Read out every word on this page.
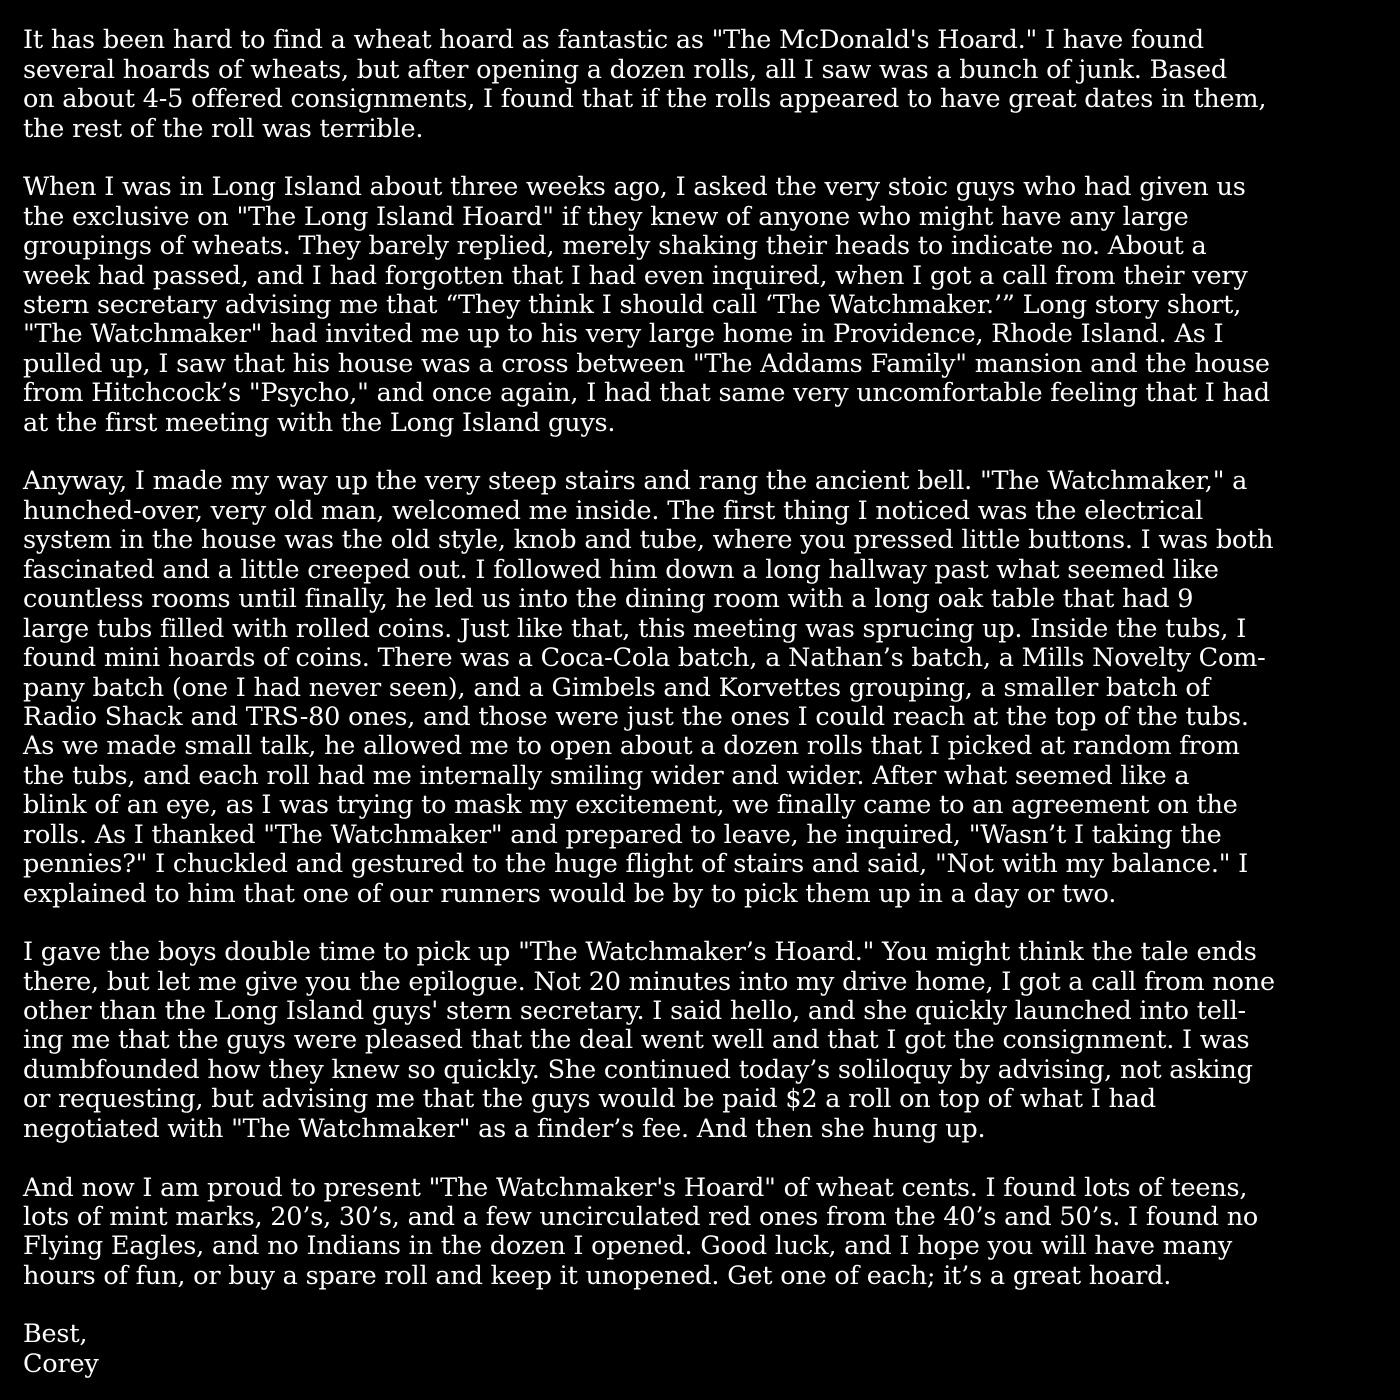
It has been hard to find a wheat hoard as fantastic as "The McDonald's Hoard." I have found
several hoards of wheats, but after opening a dozen rolls, all I saw was a bunch of junk. Based
on about 4-5 offered consignments, I found that if the rolls appeared to have great dates in them,
the rest of the roll was terrible.
When I was in Long Island about three weeks ago, I asked the very stoic guys who had given us
the exclusive on "The Long Island Hoard" if they knew of anyone who might have any large
groupings of wheats. They barely replied, merely shaking their heads to indicate no. About a
week had passed, and I had forgotten that I had even inquired, when I got a call from their very
stern secretary advising me that “They think I should call ‘The Watchmaker.’” Long story short,
"The Watchmaker" had invited me up to his very large home in Providence, Rhode Island. As I
pulled up, I saw that his house was a cross between "The Addams Family" mansion and the house
from Hitchcock’s "Psycho," and once again, I had that same very uncomfortable feeling that I had
at the first meeting with the Long Island guys.
Anyway, I made my way up the very steep stairs and rang the ancient bell. "The Watchmaker," a
hunched-over, very old man, welcomed me inside. The first thing I noticed was the electrical
system in the house was the old style, knob and tube, where you pressed little buttons. I was both
fascinated and a little creeped out. I followed him down a long hallway past what seemed like
countless rooms until finally, he led us into the dining room with a long oak table that had 9
large tubs filled with rolled coins. Just like that, this meeting was sprucing up. Inside the tubs, I
found mini hoards of coins. There was a Coca-Cola batch, a Nathan’s batch, a Mills Novelty Com-
pany batch (one I had never seen), and a Gimbels and Korvettes grouping, a smaller batch of
Radio Shack and TRS-80 ones, and those were just the ones I could reach at the top of the tubs.
As we made small talk, he allowed me to open about a dozen rolls that I picked at random from
the tubs, and each roll had me internally smiling wider and wider. After what seemed like a
blink of an eye, as I was trying to mask my excitement, we finally came to an agreement on the
rolls. As I thanked "The Watchmaker" and prepared to leave, he inquired, "Wasn’t I taking the
pennies?" I chuckled and gestured to the huge flight of stairs and said, "Not with my balance." I
explained to him that one of our runners would be by to pick them up in a day or two.
I gave the boys double time to pick up "The Watchmaker’s Hoard." You might think the tale ends
there, but let me give you the epilogue. Not 20 minutes into my drive home, I got a call from none
other than the Long Island guys' stern secretary. I said hello, and she quickly launched into tell-
ing me that the guys were pleased that the deal went well and that I got the consignment. I was
dumbfounded how they knew so quickly. She continued today’s soliloquy by advising, not asking
or requesting, but advising me that the guys would be paid $2 a roll on top of what I had
negotiated with "The Watchmaker" as a finder’s fee. And then she hung up.
And now I am proud to present "The Watchmaker's Hoard" of wheat cents. I found lots of teens,
lots of mint marks, 20’s, 30’s, and a few uncirculated red ones from the 40’s and 50’s. I found no
Flying Eagles, and no Indians in the dozen I opened. Good luck, and I hope you will have many
hours of fun, or buy a spare roll and keep it unopened. Get one of each; it’s a great hoard.
Best,
Corey
